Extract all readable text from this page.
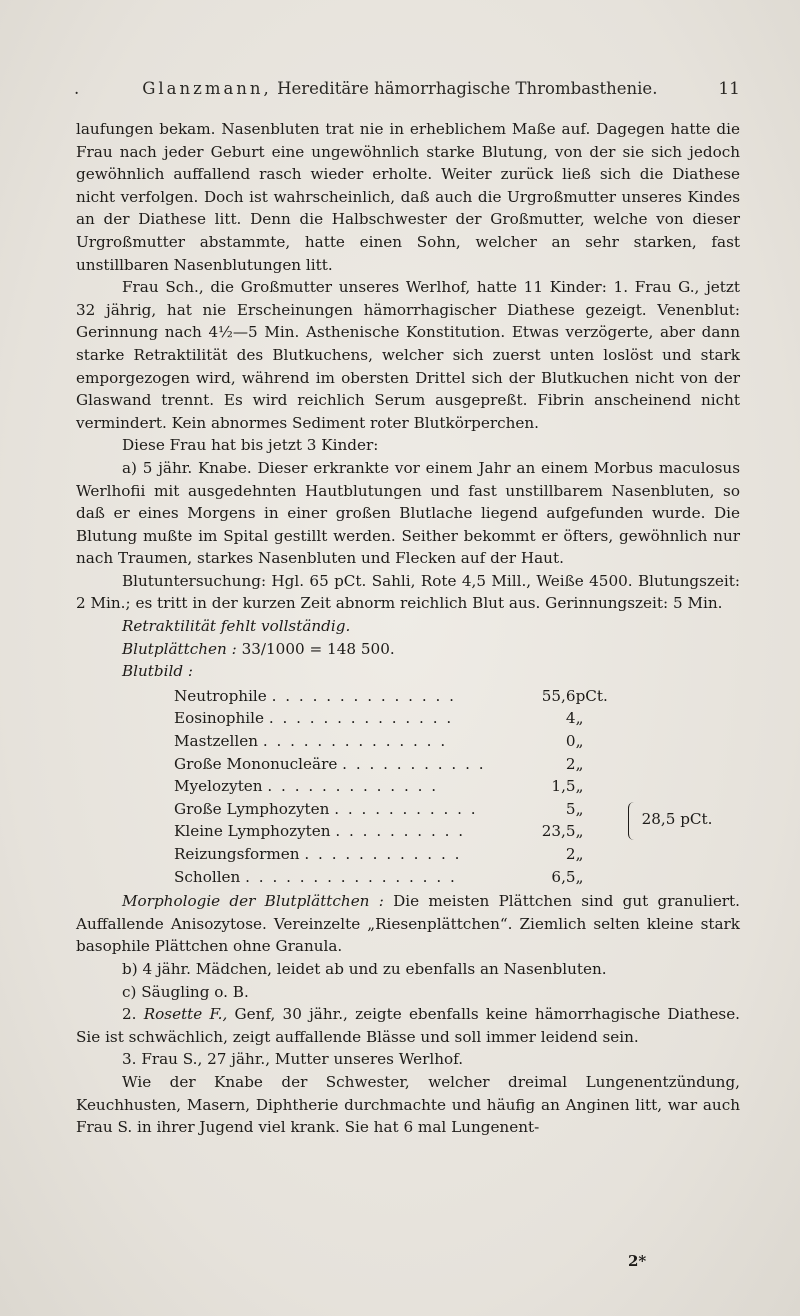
.	Glanzmann, Hereditäre hämorrhagische Thrombasthenie.	11

laufungen bekam. Nasenbluten trat nie in erheblichem Maße auf. Dagegen hatte die Frau nach jeder Geburt eine ungewöhnlich starke Blutung, von der sie sich jedoch gewöhnlich auffallend rasch wieder erholte. Weiter zurück ließ sich die Diathese nicht verfolgen. Doch ist wahrscheinlich, daß auch die Urgroßmutter unseres Kindes an der Diathese litt. Denn die Halbschwester der Großmutter, welche von dieser Urgroßmutter abstammte, hatte einen Sohn, welcher an sehr starken, fast unstillbaren Nasenblutungen litt.

Frau Sch., die Großmutter unseres Werlhof, hatte 11 Kinder: 1. Frau G., jetzt 32 jährig, hat nie Erscheinungen hämorrhagischer Diathese gezeigt. Venenblut: Gerinnung nach 4½—5 Min. Asthenische Konstitution. Etwas verzögerte, aber dann starke Retraktilität des Blutkuchens, welcher sich zuerst unten loslöst und stark emporgezogen wird, während im obersten Drittel sich der Blutkuchen nicht von der Glaswand trennt. Es wird reichlich Serum ausgepreßt. Fibrin anscheinend nicht vermindert. Kein abnormes Sediment roter Blutkörperchen.

Diese Frau hat bis jetzt 3 Kinder:

a) 5 jähr. Knabe. Dieser erkrankte vor einem Jahr an einem Morbus maculosus Werlhofii mit ausgedehnten Hautblutungen und fast unstillbarem Nasenbluten, so daß er eines Morgens in einer großen Blutlache liegend aufgefunden wurde. Die Blutung mußte im Spital gestillt werden. Seither bekommt er öfters, gewöhnlich nur nach Traumen, starkes Nasenbluten und Flecken auf der Haut.

Blutuntersuchung: Hgl. 65 pCt. Sahli, Rote 4,5 Mill., Weiße 4500. Blutungszeit: 2 Min.; es tritt in der kurzen Zeit abnorm reichlich Blut aus. Gerinnungszeit: 5 Min.

Retraktilität fehlt vollständig.

Blutplättchen : 33/1000 = 148 500.

Blutbild :

Neutrophile . . . . . . . . . . . . . .	55,6	pCt.	
Eosinophile . . . . . . . . . . . . . .	4	„	
Mastzellen . . . . . . . . . . . . . .	0	„	
Große Mononucleäre . . . . . . . . . . .	2	„	
Myelozyten . . . . . . . . . . . . .	1,5	„	
Große Lymphozyten . . . . . . . . . . .	5	„	
Kleine Lymphozyten . . . . . . . . . .	23,5	„	28,5 pCt.

Reizungsformen . . . . . . . . . . . .	2	„	
Schollen . . . . . . . . . . . . . . . .	6,5	„	

Morphologie der Blutplättchen : Die meisten Plättchen sind gut granuliert. Auffallende Anisozytose. Vereinzelte „Riesenplättchen“. Ziemlich selten kleine stark basophile Plättchen ohne Granula.

b) 4 jähr. Mädchen, leidet ab und zu ebenfalls an Nasenbluten.

c) Säugling o. B.

2. Rosette F., Genf, 30 jähr., zeigte ebenfalls keine hämorrhagische Diathese. Sie ist schwächlich, zeigt auffallende Blässe und soll immer leidend sein.

3. Frau S., 27 jähr., Mutter unseres Werlhof.

Wie der Knabe der Schwester, welcher dreimal Lungenentzündung, Keuchhusten, Masern, Diphtherie durchmachte und häufig an Anginen litt, war auch Frau S. in ihrer Jugend viel krank. Sie hat 6 mal Lungenent-

2*
